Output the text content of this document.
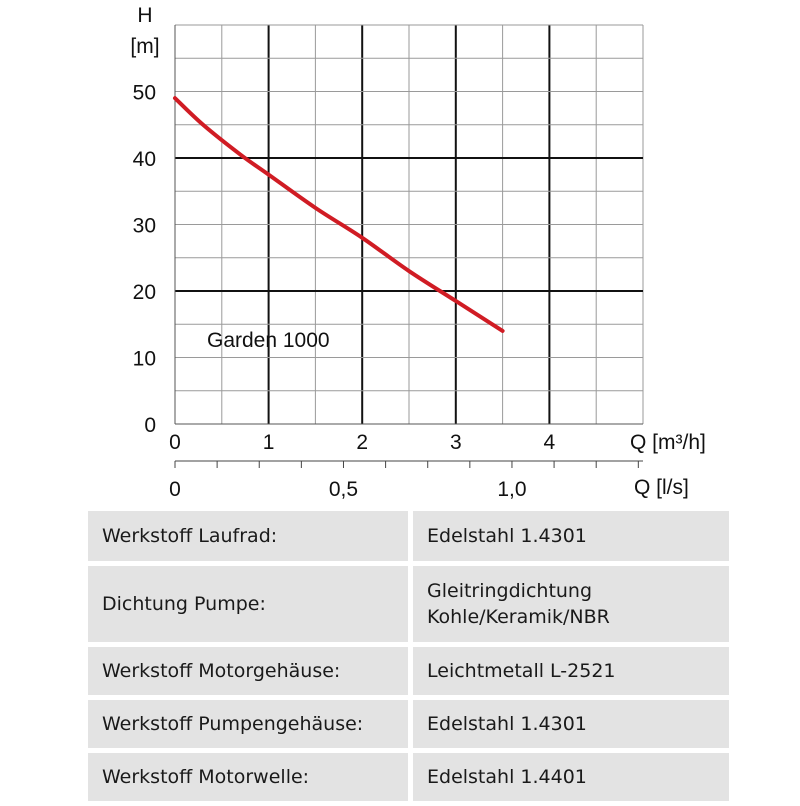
H
[m]
Q [m³/h]
Q [l/s]
Garden 1000
0
10
20
30
40
50
0	1	2	3	4
0	0,5	1,0
Werkstoff Laufrad:	Edelstahl 1.4301

Dichtung Pumpe:	Gleitringdichtung
Kohle/Keramik/NBR

Werkstoff Motorgehäuse:	Leichtmetall L-2521

Werkstoff Pumpengehäuse:	Edelstahl 1.4301

Werkstoff Motorwelle:	Edelstahl 1.4401
